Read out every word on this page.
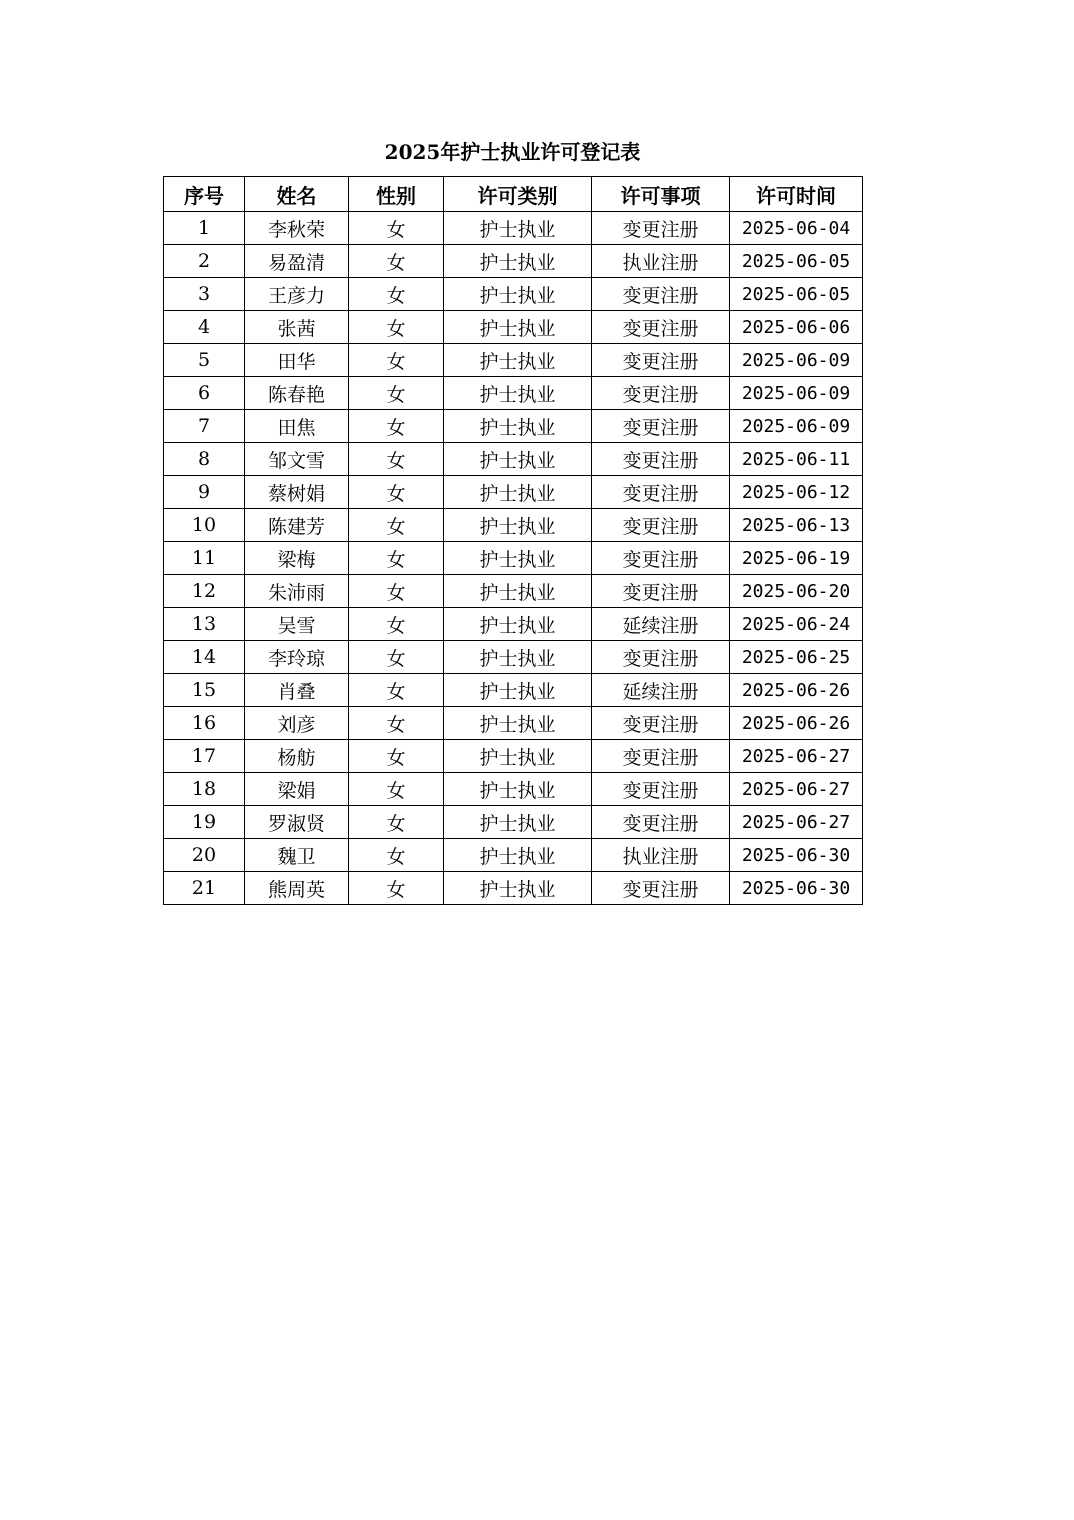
2025年护士执业许可登记表
序号	姓名	性别	许可类别	许可事项	许可时间
1	李秋荣	女	护士执业	变更注册	2025-06-04
2	易盈清	女	护士执业	执业注册	2025-06-05
3	王彦力	女	护士执业	变更注册	2025-06-05
4	张茜	女	护士执业	变更注册	2025-06-06
5	田华	女	护士执业	变更注册	2025-06-09
6	陈春艳	女	护士执业	变更注册	2025-06-09
7	田焦	女	护士执业	变更注册	2025-06-09
8	邹文雪	女	护士执业	变更注册	2025-06-11
9	蔡树娟	女	护士执业	变更注册	2025-06-12
10	陈建芳	女	护士执业	变更注册	2025-06-13
11	梁梅	女	护士执业	变更注册	2025-06-19
12	朱沛雨	女	护士执业	变更注册	2025-06-20
13	吴雪	女	护士执业	延续注册	2025-06-24
14	李玲琼	女	护士执业	变更注册	2025-06-25
15	肖叠	女	护士执业	延续注册	2025-06-26
16	刘彦	女	护士执业	变更注册	2025-06-26
17	杨舫	女	护士执业	变更注册	2025-06-27
18	梁娟	女	护士执业	变更注册	2025-06-27
19	罗淑贤	女	护士执业	变更注册	2025-06-27
20	魏卫	女	护士执业	执业注册	2025-06-30
21	熊周英	女	护士执业	变更注册	2025-06-30
